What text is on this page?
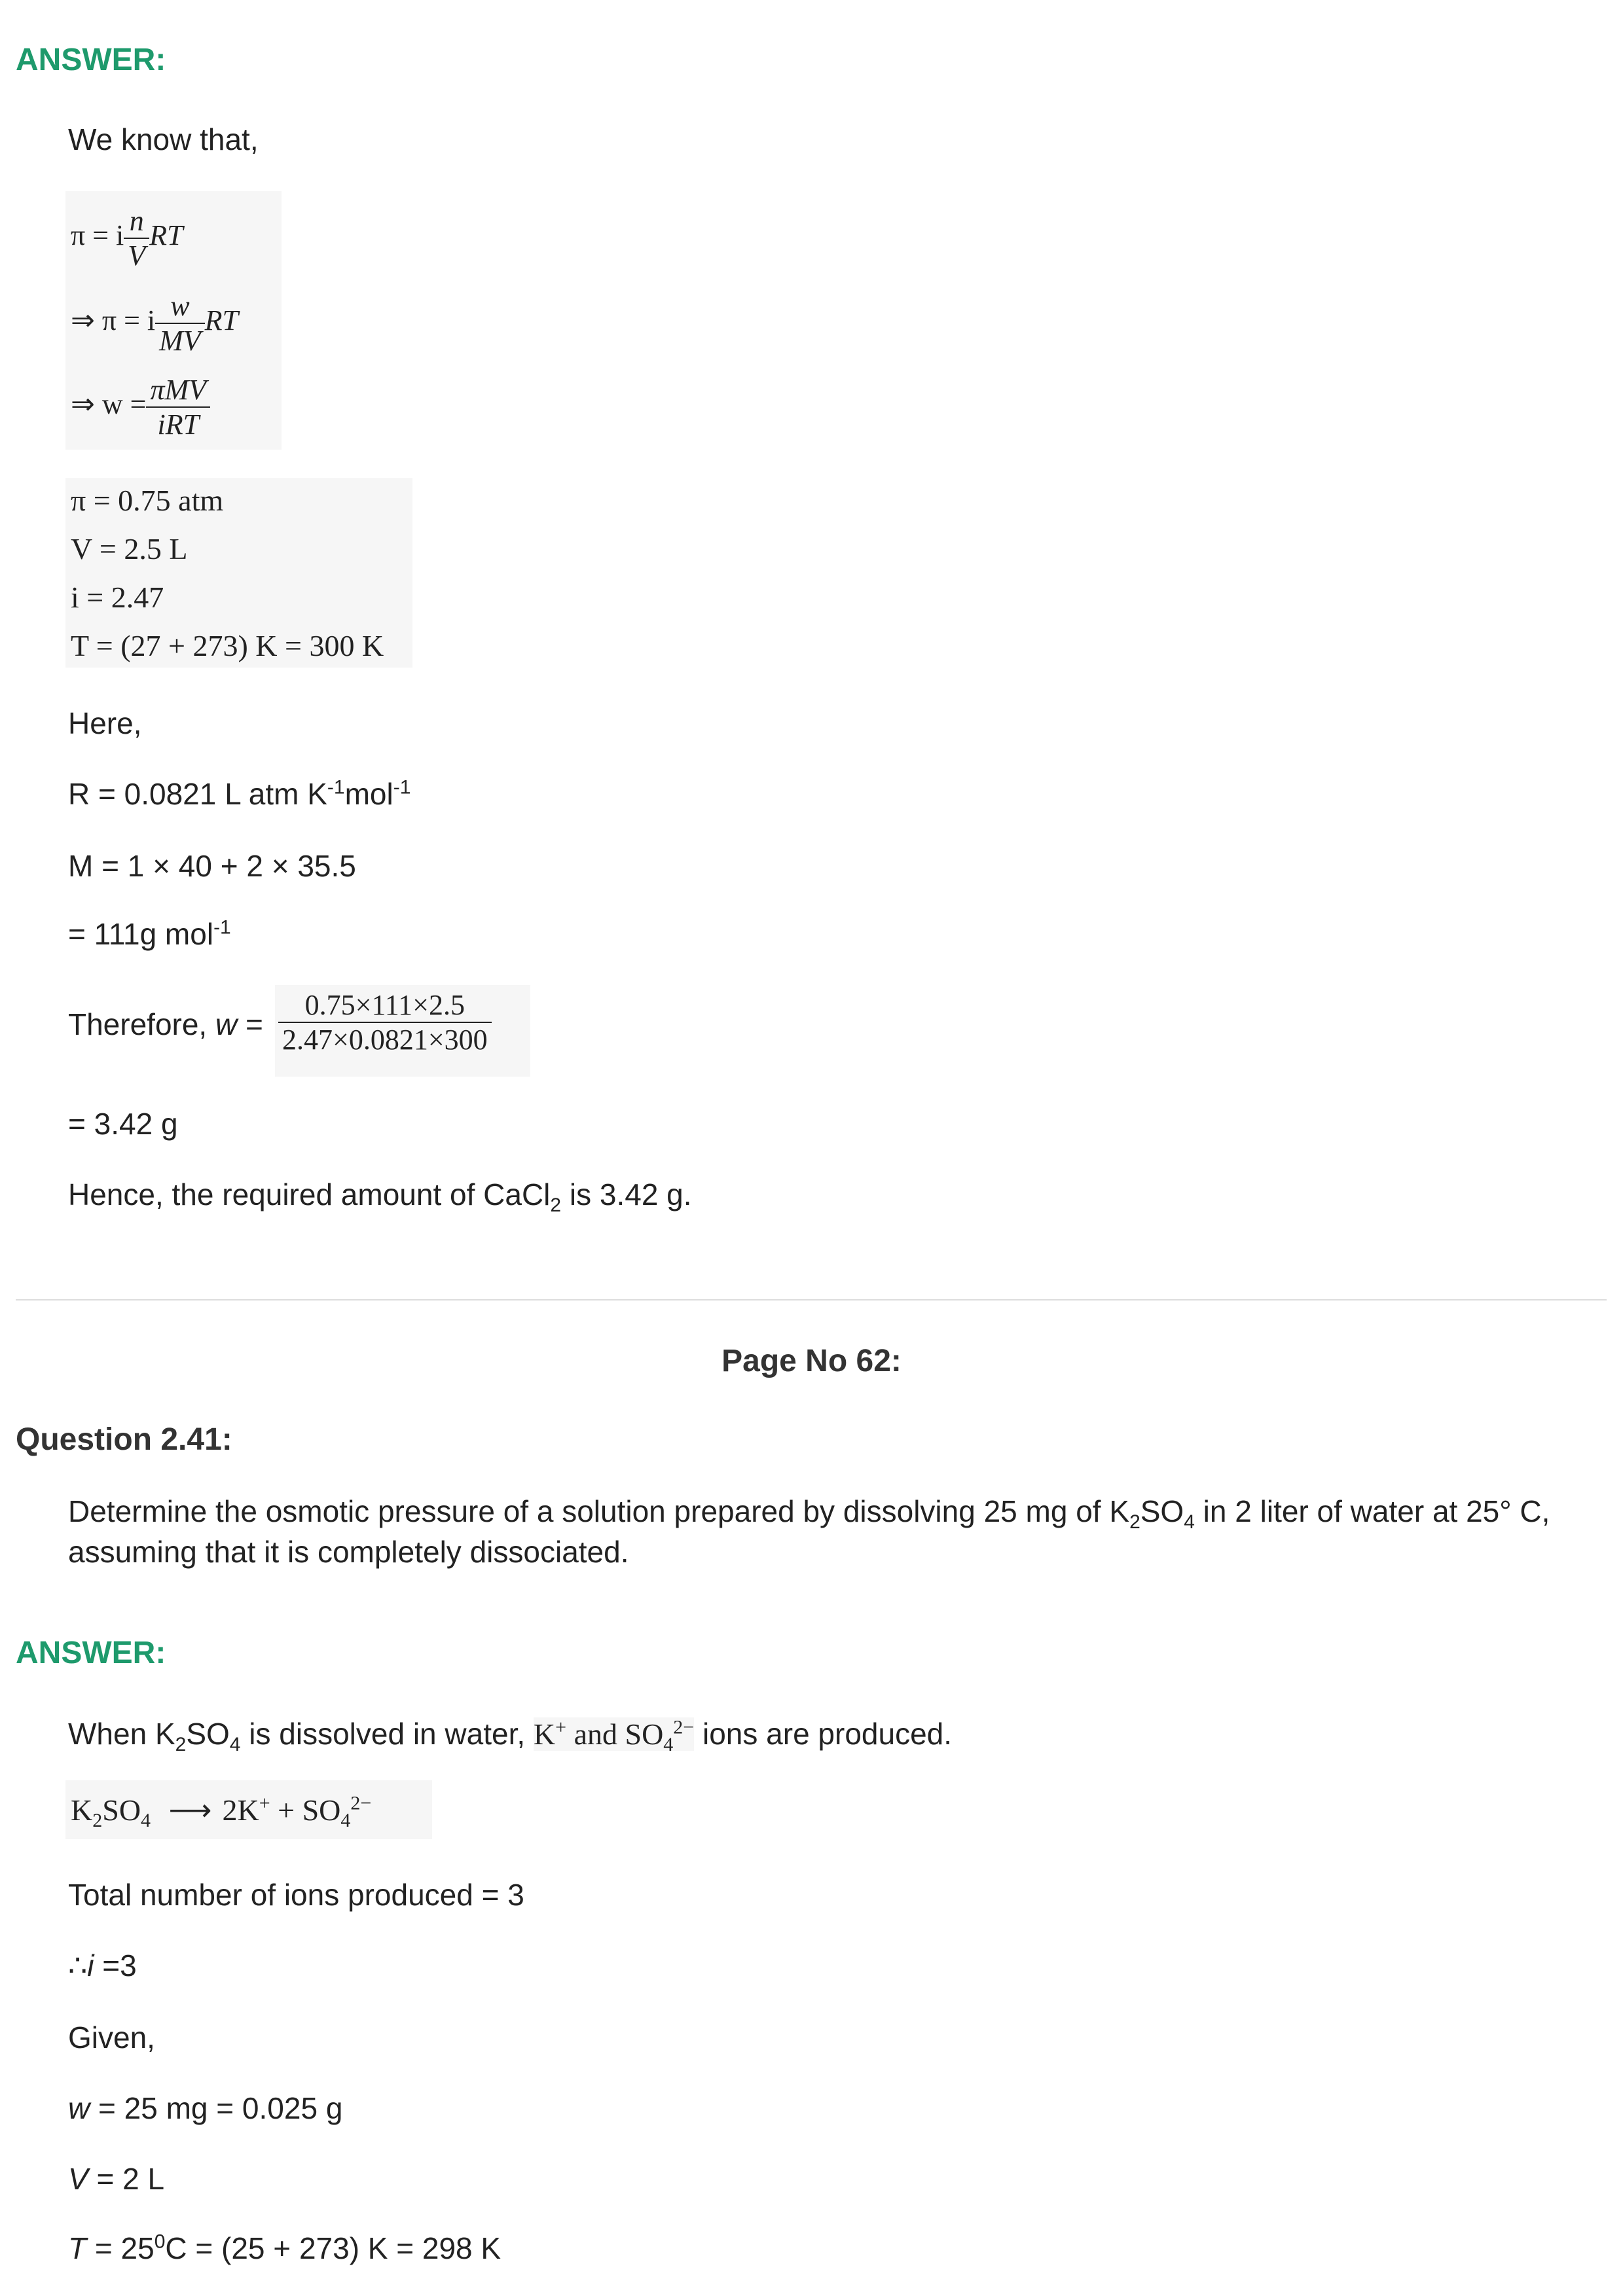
ANSWER:
We know that,
π = i $\frac{n}{V}$ RT
⇒ π = i $\frac{w}{MV}$ RT
⇒ $w = \frac{\text{πMV}}{\text{iRT}}$
π = 0.75 atm
V = 2.5 L
i = 2.47
T = (27 + 273) K = 300 K
Here,
R = 0.0821 L atm $K^{-1}mol^{-1}$
M = 1 × 40 + 2 × 35.5
= 111g mol$^{-1}$
Therefore, $w = \frac{0.75\times 111\times 2.5}{2.47\times 0.0821\times 300}$
= 3.42 g
Hence, the required amount of CaCl$_2$ is 3.42 g.
Page No 62:
Question 2.41:
Determine the osmotic pressure of a solution prepared by dissolving 25 mg of $K_2SO_4$ in 2 liter of water at 25° C,
assuming that it is completely dissociated.
ANSWER:
When $K_2SO_4$ is dissolved in water, K+ and $SO_4^{2-}$ ions are produced.
$K_2SO_4$ ⟶ $2K^+ + SO_4^{2-}$
Total number of ions produced = 3
∴i =3
Given,
w = 25 mg = 0.025 g
V = 2 L
$T = 25^0C = (25 + 273) K = 298$ K
